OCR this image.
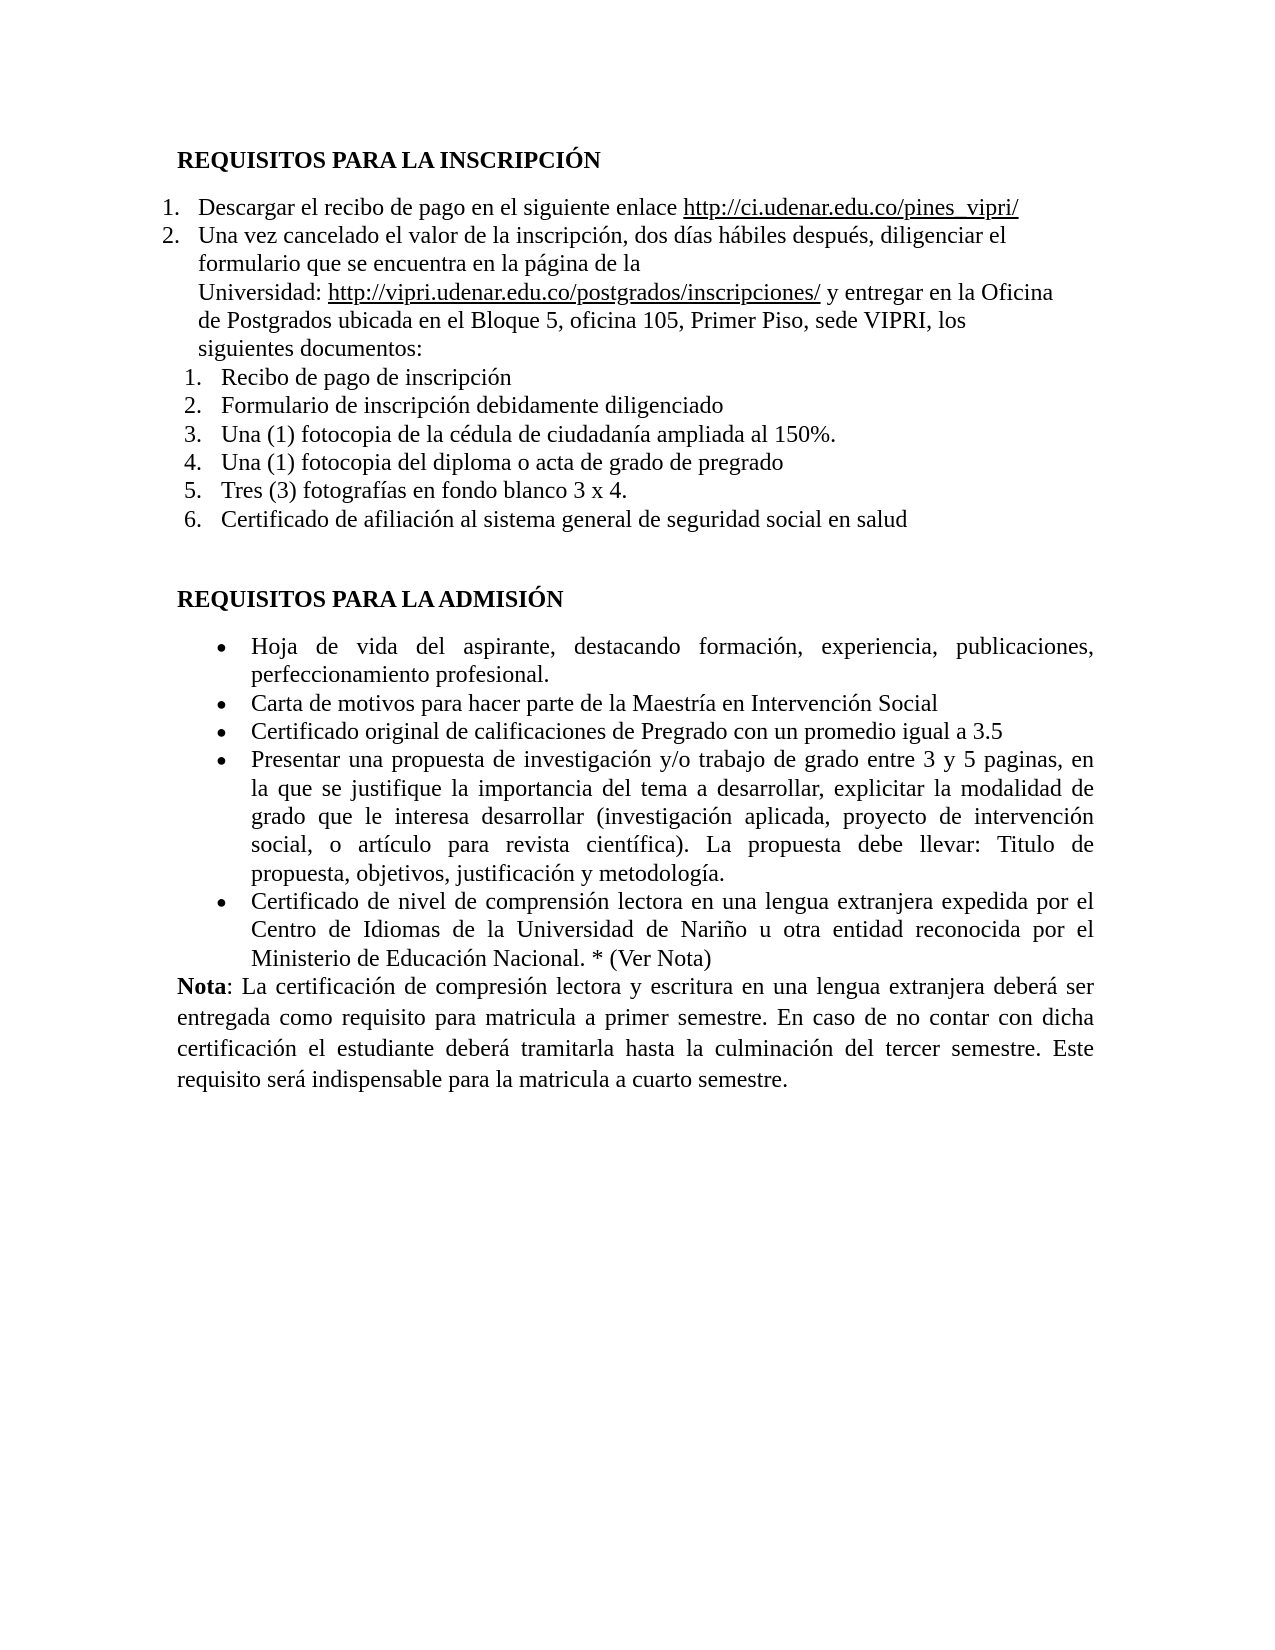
REQUISITOS PARA LA INSCRIPCIÓN
1. Descargar el recibo de pago en el siguiente enlace http://ci.udenar.edu.co/pines_vipri/
2. Una vez cancelado el valor de la inscripción, dos días hábiles después, diligenciar el
formulario que se encuentra en la página de la
Universidad: http://vipri.udenar.edu.co/postgrados/inscripciones/ y entregar en la Oficina
de Postgrados ubicada en el Bloque 5, oficina 105, Primer Piso, sede VIPRI, los
siguientes documentos:
1. Recibo de pago de inscripción
2. Formulario de inscripción debidamente diligenciado
3. Una (1) fotocopia de la cédula de ciudadanía ampliada al 150%.
4. Una (1) fotocopia del diploma o acta de grado de pregrado
5. Tres (3) fotografías en fondo blanco 3 x 4.
6. Certificado de afiliación al sistema general de seguridad social en salud
REQUISITOS PARA LA ADMISIÓN
● Hoja de vida del aspirante, destacando formación, experiencia, publicaciones,
perfeccionamiento profesional.
● Carta de motivos para hacer parte de la Maestría en Intervención Social
● Certificado original de calificaciones de Pregrado con un promedio igual a 3.5
● Presentar una propuesta de investigación y/o trabajo de grado entre 3 y 5 paginas, en
la que se justifique la importancia del tema a desarrollar, explicitar la modalidad de
grado que le interesa desarrollar (investigación aplicada, proyecto de intervención
social, o artículo para revista científica). La propuesta debe llevar: Titulo de
propuesta, objetivos, justificación y metodología.
● Certificado de nivel de comprensión lectora en una lengua extranjera expedida por el
Centro de Idiomas de la Universidad de Nariño u otra entidad reconocida por el
Ministerio de Educación Nacional. * (Ver Nota)
Nota: La certificación de compresión lectora y escritura en una lengua extranjera deberá ser
entregada como requisito para matricula a primer semestre. En caso de no contar con dicha
certificación el estudiante deberá tramitarla hasta la culminación del tercer semestre. Este
requisito será indispensable para la matricula a cuarto semestre.
